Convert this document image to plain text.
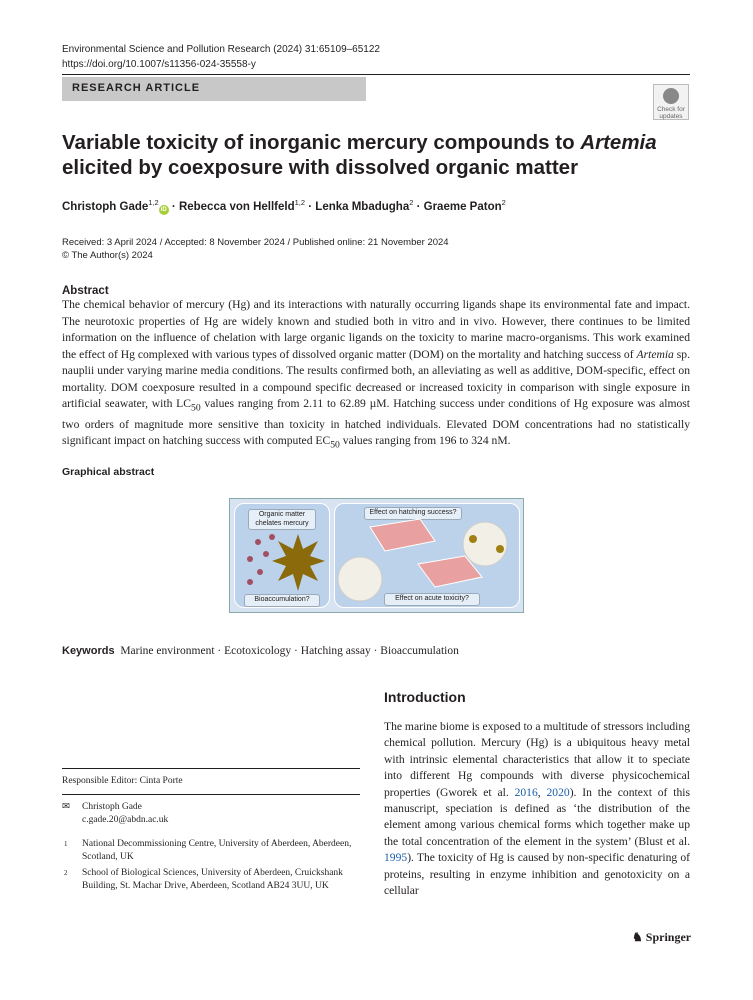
Environmental Science and Pollution Research (2024) 31:65109–65122
https://doi.org/10.1007/s11356-024-35558-y
RESEARCH ARTICLE
Check for updates
Variable toxicity of inorganic mercury compounds to Artemia elicited by coexposure with dissolved organic matter
Christoph Gade$^{1,2}$iD · Rebecca von Hellfeld$^{1,2}$ · Lenka Mbadugha$^2$ · Graeme Paton$^2$
Received: 3 April 2024 / Accepted: 8 November 2024 / Published online: 21 November 2024
© The Author(s) 2024
Abstract

The chemical behavior of mercury (Hg) and its interactions with naturally occurring ligands shape its environmental fate and impact. The neurotoxic properties of Hg are widely known and studied both in vitro and in vivo. However, there continues to be limited information on the influence of chelation with large organic ligands on the toxicity to marine macro-organisms. This work examined the effect of Hg complexed with various types of dissolved organic matter (DOM) on the mortality and hatching success of Artemia sp. nauplii under varying marine media conditions. The results confirmed both, an alleviating as well as additive, DOM-specific, effect on mortality. DOM coexposure resulted in a compound specific decreased or increased toxicity in comparison with single exposure in artificial seawater, with $LC_{50}$ values ranging from 2.11 to 62.89 µM. Hatching success under conditions of Hg exposure was almost two orders of magnitude more sensitive than toxicity in hatched individuals. Elevated DOM concentrations had no statistically significant impact on hatching success with computed $EC_{50}$ values ranging from 196 to 324 nM.

Graphical abstract
Organic matter chelates mercury
Bioaccumulation?
Effect on hatching success?
Effect on acute toxicity?
Keywords Marine environment · Ecotoxicology · Hatching assay · Bioaccumulation
Introduction

The marine biome is exposed to a multitude of stressors including chemical pollution. Mercury (Hg) is a ubiquitous heavy metal with intrinsic elemental characteristics that allow it to speciate into different Hg compounds with diverse physicochemical properties (Gworek et al. 2016, 2020). In the context of this manuscript, speciation is defined as ‘the distribution of the element among various chemical forms which together make up the total concentration of the element in the system’ (Blust et al. 1995). The toxicity of Hg is caused by non-specific denaturing of proteins, resulting in enzyme inhibition and genotoxicity on a cellular

Responsible Editor: Cinta Porte
✉ Christoph Gade
c.gade.20@abdn.ac.uk
1 National Decommissioning Centre, University of Aberdeen, Aberdeen, Scotland, UK
2 School of Biological Sciences, University of Aberdeen, Cruickshank Building, St. Machar Drive, Aberdeen, Scotland AB24 3UU, UK
♞ Springer
